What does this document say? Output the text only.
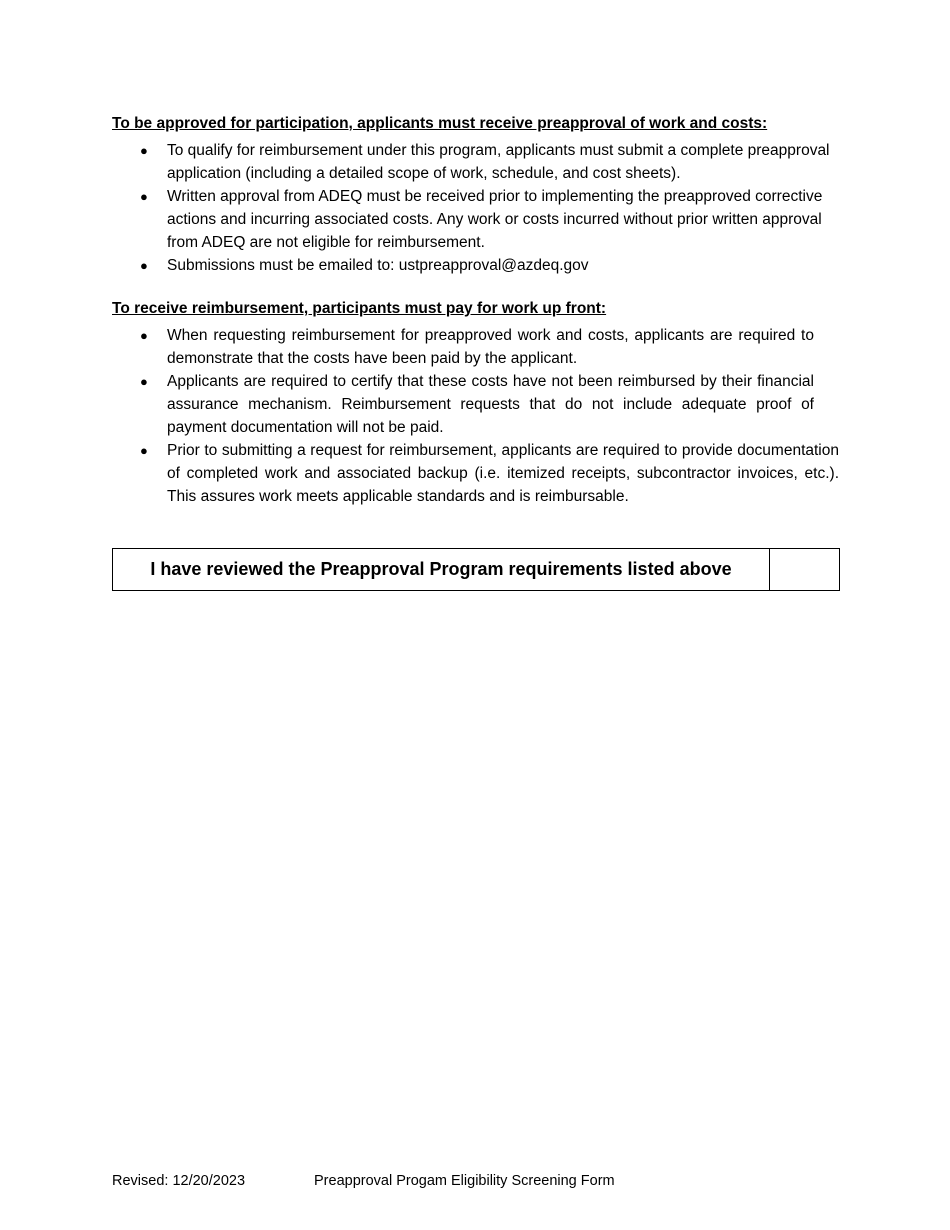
To be approved for participation, applicants must receive preapproval of work and costs:
● To qualify for reimbursement under this program, applicants must submit a complete preapproval application (including a detailed scope of work, schedule, and cost sheets).
● Written approval from ADEQ must be received prior to implementing the preapproved corrective actions and incurring associated costs. Any work or costs incurred without prior written approval from ADEQ are not eligible for reimbursement.
● Submissions must be emailed to: ustpreapproval@azdeq.gov
To receive reimbursement, participants must pay for work up front:
● When requesting reimbursement for preapproved work and costs, applicants are required to demonstrate that the costs have been paid by the applicant.
● Applicants are required to certify that these costs have not been reimbursed by their financial assurance mechanism. Reimbursement requests that do not include adequate proof of payment documentation will not be paid.
● Prior to submitting a request for reimbursement, applicants are required to provide documentation of completed work and associated backup (i.e. itemized receipts, subcontractor invoices, etc.). This assures work meets applicable standards and is reimbursable.
I have reviewed the Preapproval Program requirements listed above
Revised: 12/20/2023	Preapproval Progam Eligibility Screening Form
